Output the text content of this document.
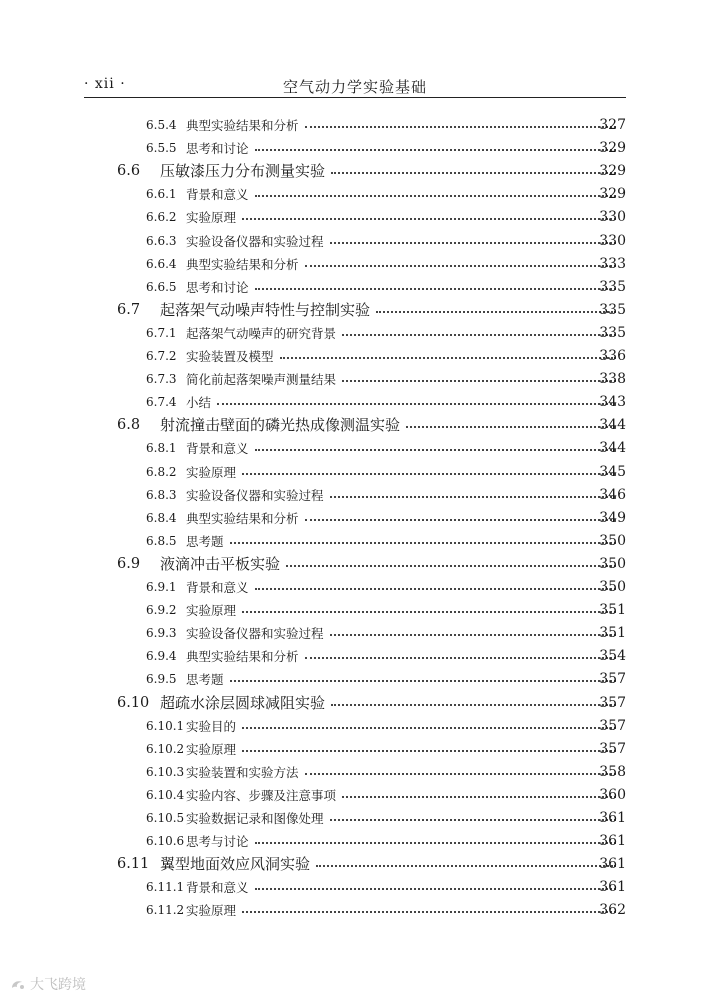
· xii ·	空气动力学实验基础
6.5.4 典型实验结果和分析	327
6.5.5 思考和讨论	329
6.6 压敏漆压力分布测量实验	329
6.6.1 背景和意义	329
6.6.2 实验原理	330
6.6.3 实验设备仪器和实验过程	330
6.6.4 典型实验结果和分析	333
6.6.5 思考和讨论	335
6.7 起落架气动噪声特性与控制实验	335
6.7.1 起落架气动噪声的研究背景	335
6.7.2 实验装置及模型	336
6.7.3 简化前起落架噪声测量结果	338
6.7.4 小结	343
6.8 射流撞击壁面的磷光热成像测温实验	344
6.8.1 背景和意义	344
6.8.2 实验原理	345
6.8.3 实验设备仪器和实验过程	346
6.8.4 典型实验结果和分析	349
6.8.5 思考题	350
6.9 液滴冲击平板实验	350
6.9.1 背景和意义	350
6.9.2 实验原理	351
6.9.3 实验设备仪器和实验过程	351
6.9.4 典型实验结果和分析	354
6.9.5 思考题	357
6.10 超疏水涂层圆球减阻实验	357
6.10.1 实验目的	357
6.10.2 实验原理	357
6.10.3 实验装置和实验方法	358
6.10.4 实验内容、步骤及注意事项	360
6.10.5 实验数据记录和图像处理	361
6.10.6 思考与讨论	361
6.11 翼型地面效应风洞实验	361
6.11.1 背景和意义	361
6.11.2 实验原理	362
大飞跨境
